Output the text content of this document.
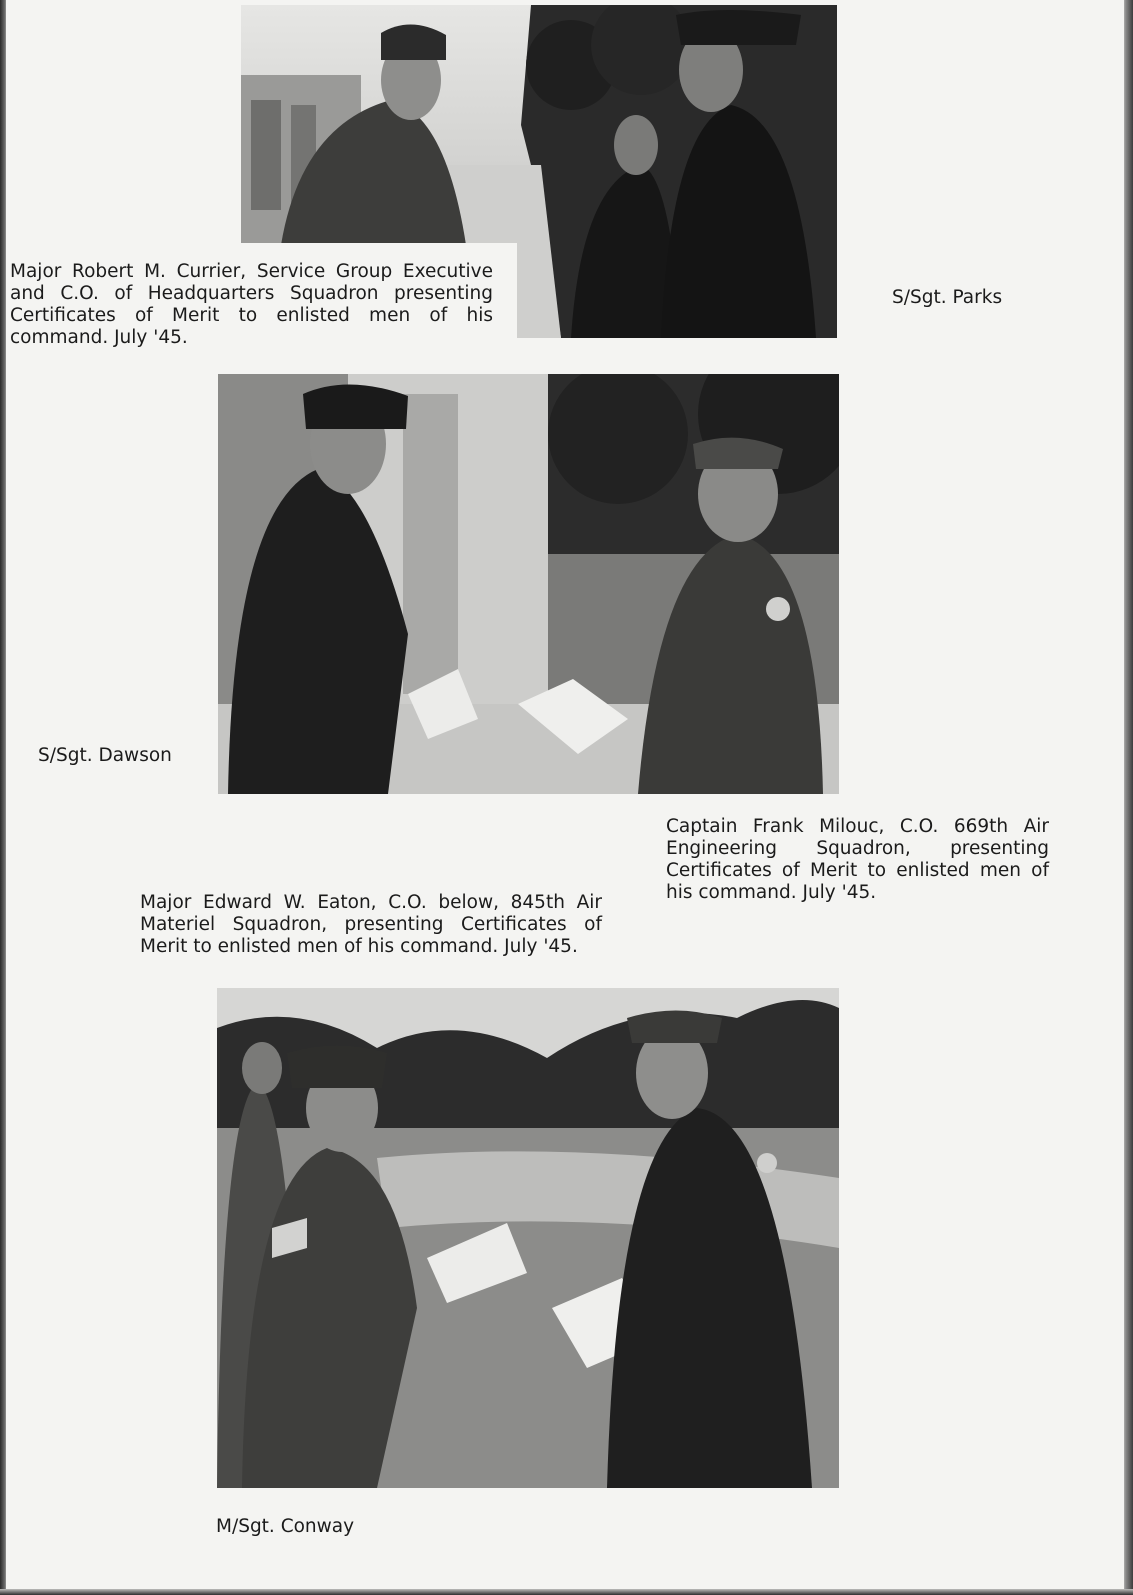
Major Robert M. Currier, Service Group Executive and C.O. of Headquarters Squadron presenting Certificates of Merit to enlisted men of his command. July '45.

S/Sgt. Parks

S/Sgt. Dawson

Captain Frank Milouc, C.O. 669th Air Engineering Squadron, presenting Certificates of Merit to enlisted men of his command. July '45.

Major Edward W. Eaton, C.O. below, 845th Air Materiel Squadron, presenting Certificates of Merit to enlisted men of his command. July '45.

M/Sgt. Conway
